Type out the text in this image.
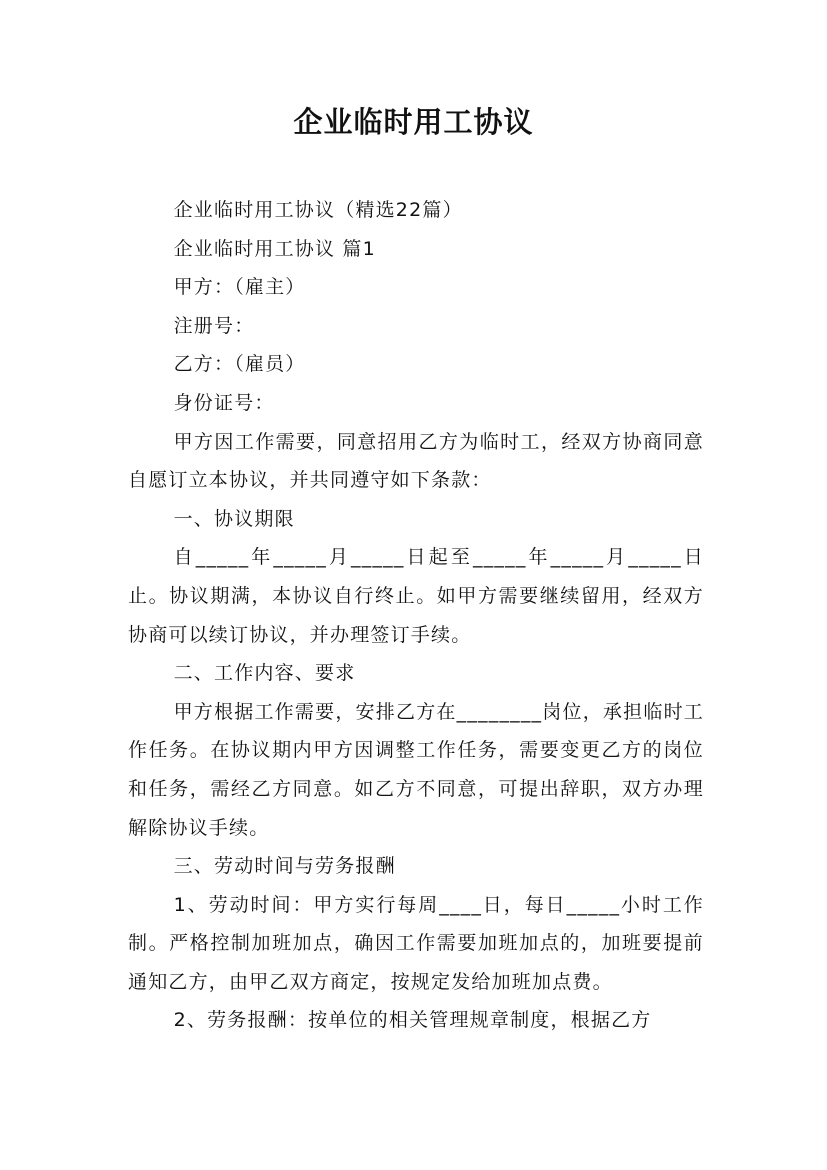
企业临时用工协议

企业临时用工协议（精选22篇）

企业临时用工协议 篇1

甲方：（雇主）

注册号：

乙方：（雇员）

身份证号：

甲方因工作需要，同意招用乙方为临时工，经双方协商同意自愿订立本协议，并共同遵守如下条款：

一、协议期限

自_____年_____月_____日起至_____年_____月_____日止。协议期满，本协议自行终止。如甲方需要继续留用，经双方协商可以续订协议，并办理签订手续。

二、工作内容、要求

甲方根据工作需要，安排乙方在________岗位，承担临时工作任务。在协议期内甲方因调整工作任务，需要变更乙方的岗位和任务，需经乙方同意。如乙方不同意，可提出辞职，双方办理解除协议手续。

三、劳动时间与劳务报酬

1、劳动时间：甲方实行每周____日，每日_____小时工作制。严格控制加班加点，确因工作需要加班加点的，加班要提前通知乙方，由甲乙双方商定，按规定发给加班加点费。

2、劳务报酬：按单位的相关管理规章制度，根据乙方
